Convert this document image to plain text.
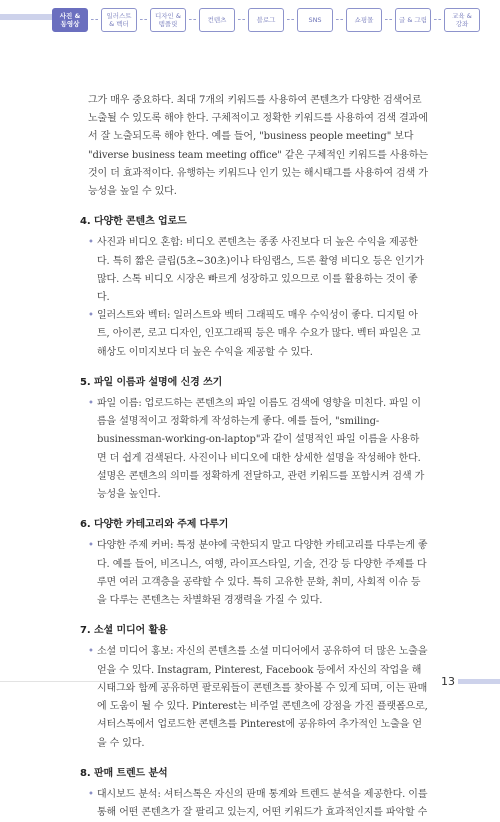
사진 &
동영상
일러스트
& 벡터
디자인 &
템플릿	컨텐츠	블로그	SNS	쇼핑몰	글 & 그림	교육 &
강좌

그가 매우 중요하다. 최대 7개의 키워드를 사용하여 콘텐츠가 다양한 검색어로 노출될 수 있도록 해야 한다. 구체적이고 정확한 키워드를 사용하여 검색 결과에서 잘 노출되도록 해야 한다. 예를 들어, "business people meeting" 보다 "diverse business team meeting office" 같은 구체적인 키워드를 사용하는 것이 더 효과적이다. 유행하는 키워드나 인기 있는 해시태그를 사용하여 검색 가능성을 높일 수 있다.

4. 다양한 콘텐츠 업로드

• 사진과 비디오 혼합: 비디오 콘텐츠는 종종 사진보다 더 높은 수익을 제공한다. 특히 짧은 클립(5초~30초)이나 타임랩스, 드론 촬영 비디오 등은 인기가 많다. 스톡 비디오 시장은 빠르게 성장하고 있으므로 이를 활용하는 것이 좋다.

• 일러스트와 벡터: 일러스트와 벡터 그래픽도 매우 수익성이 좋다. 디지털 아트, 아이콘, 로고 디자인, 인포그래픽 등은 매우 수요가 많다. 벡터 파일은 고해상도 이미지보다 더 높은 수익을 제공할 수 있다.

5. 파일 이름과 설명에 신경 쓰기

• 파일 이름: 업로드하는 콘텐츠의 파일 이름도 검색에 영향을 미친다. 파일 이름을 설명적이고 정확하게 작성하는게 좋다. 예를 들어, "smiling-businessman-working-on-laptop"과 같이 설명적인 파일 이름을 사용하면 더 쉽게 검색된다. 사진이나 비디오에 대한 상세한 설명을 작성해야 한다. 설명은 콘텐츠의 의미를 정확하게 전달하고, 관련 키워드를 포함시켜 검색 가능성을 높인다.

6. 다양한 카테고리와 주제 다루기

• 다양한 주제 커버: 특정 분야에 국한되지 말고 다양한 카테고리를 다루는게 좋다. 예를 들어, 비즈니스, 여행, 라이프스타일, 기술, 건강 등 다양한 주제를 다루면 여러 고객층을 공략할 수 있다. 특히 고유한 문화, 취미, 사회적 이슈 등을 다루는 콘텐츠는 차별화된 경쟁력을 가질 수 있다.

7. 소셜 미디어 활용

• 소셜 미디어 홍보: 자신의 콘텐츠를 소셜 미디어에서 공유하여 더 많은 노출을 얻을 수 있다. Instagram, Pinterest, Facebook 등에서 자신의 작업을 해시태그와 함께 공유하면 팔로워들이 콘텐츠를 찾아볼 수 있게 되며, 이는 판매에 도움이 될 수 있다. Pinterest는 비주얼 콘텐츠에 강점을 가진 플랫폼으로, 셔터스톡에서 업로드한 콘텐츠를 Pinterest에 공유하여 추가적인 노출을 얻을 수 있다.

8. 판매 트렌드 분석

• 대시보드 분석: 셔터스톡은 자신의 판매 통계와 트렌드 분석을 제공한다. 이를 통해 어떤 콘텐츠가 잘 팔리고 있는지, 어떤 키워드가 효과적인지를 파악할 수

13
